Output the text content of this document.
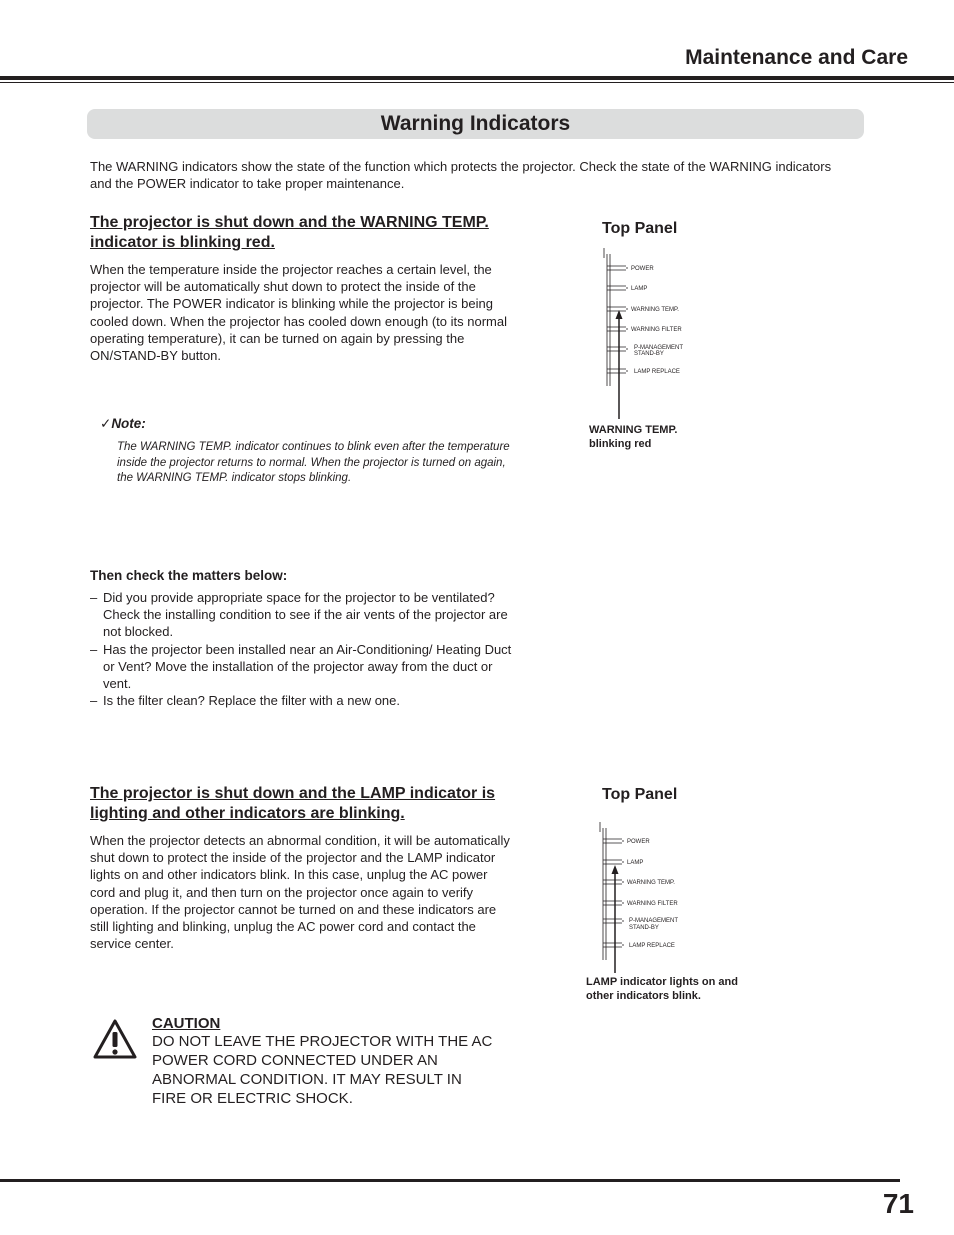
Maintenance and Care
Warning Indicators
The WARNING indicators show the state of the function which protects the projector. Check the state of the WARNING indicators and the POWER indicator to take proper maintenance.
The projector is shut down and the WARNING TEMP. indicator is blinking red.
When the temperature inside the projector reaches a certain level, the projector will be automatically shut down to protect the inside of the projector. The POWER indicator is blinking while the projector is being cooled down. When the projector has cooled down enough (to its normal operating temperature), it can be turned on again by pressing the ON/STAND-BY button.
✓Note:
The WARNING TEMP. indicator continues to blink even after the temperature inside the projector returns to normal. When the projector is turned on again, the WARNING TEMP. indicator stops blinking.
Then check the matters below:
– Did you provide appropriate space for the projector to be ventilated? Check the installing condition to see if the air vents of the projector are not blocked.
– Has the projector been installed near an Air-Conditioning/ Heating Duct or Vent? Move the installation of the projector away from the duct or vent.
– Is the filter clean? Replace the filter with a new one.
Top Panel
POWER
LAMP
WARNING TEMP.
WARNING FILTER
P-MANAGEMENT
STAND-BY
LAMP REPLACE
WARNING TEMP.
blinking red
The projector is shut down and the LAMP indicator is lighting and other indicators are blinking.
When the projector detects an abnormal condition, it will be automatically shut down to protect the inside of the projector and the LAMP indicator lights on and other indicators blink. In this case, unplug the AC power cord and plug it, and then turn on the projector once again to verify operation. If the projector cannot be turned on and these indicators are still lighting and blinking, unplug the AC power cord and contact the service center.
Top Panel
POWER
LAMP
WARNING TEMP.
WARNING FILTER
P-MANAGEMENT
STAND-BY
LAMP REPLACE
LAMP indicator lights on and
other indicators blink.
CAUTION
DO NOT LEAVE THE PROJECTOR WITH THE AC POWER CORD CONNECTED UNDER AN ABNORMAL CONDITION. IT MAY RESULT IN FIRE OR ELECTRIC SHOCK.
71
